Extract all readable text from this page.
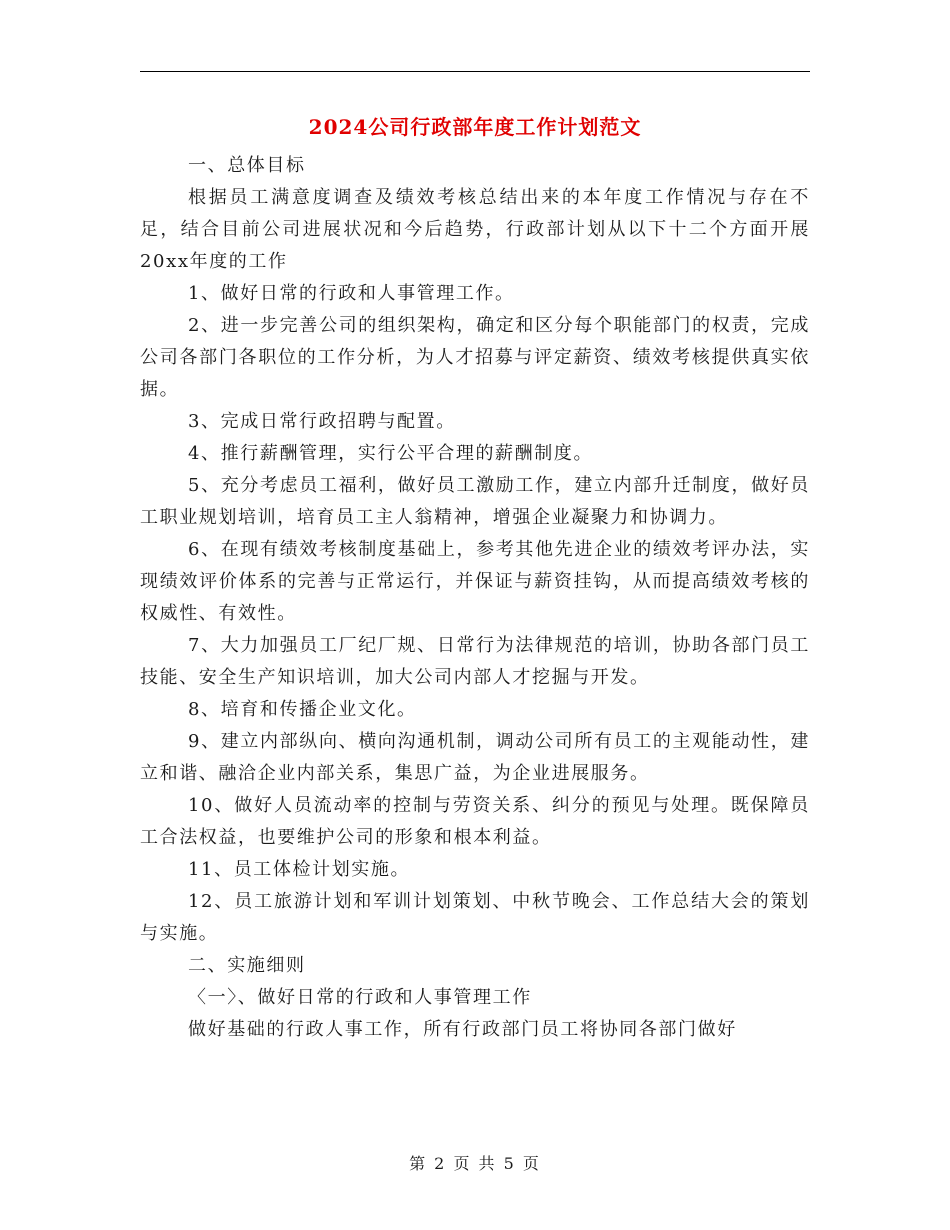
2024公司行政部年度工作计划范文

一、总体目标

根据员工满意度调查及绩效考核总结出来的本年度工作情况与存在不足，结合目前公司进展状况和今后趋势，行政部计划从以下十二个方面开展20xx年度的工作

1、做好日常的行政和人事管理工作。

2、进一步完善公司的组织架构，确定和区分每个职能部门的权责，完成公司各部门各职位的工作分析，为人才招募与评定薪资、绩效考核提供真实依据。

3、完成日常行政招聘与配置。

4、推行薪酬管理，实行公平合理的薪酬制度。

5、充分考虑员工福利，做好员工激励工作，建立内部升迁制度，做好员工职业规划培训，培育员工主人翁精神，增强企业凝聚力和协调力。

6、在现有绩效考核制度基础上，参考其他先进企业的绩效考评办法，实现绩效评价体系的完善与正常运行，并保证与薪资挂钩，从而提高绩效考核的权威性、有效性。

7、大力加强员工厂纪厂规、日常行为法律规范的培训，协助各部门员工技能、安全生产知识培训，加大公司内部人才挖掘与开发。

8、培育和传播企业文化。

9、建立内部纵向、横向沟通机制，调动公司所有员工的主观能动性，建立和谐、融洽企业内部关系，集思广益，为企业进展服务。

10、做好人员流动率的控制与劳资关系、纠分的预见与处理。既保障员工合法权益，也要维护公司的形象和根本利益。

11、员工体检计划实施。

12、员工旅游计划和军训计划策划、中秋节晚会、工作总结大会的策划与实施。

二、实施细则

〈一〉、做好日常的行政和人事管理工作

做好基础的行政人事工作，所有行政部门员工将协同各部门做好

第 2 页 共 5 页
